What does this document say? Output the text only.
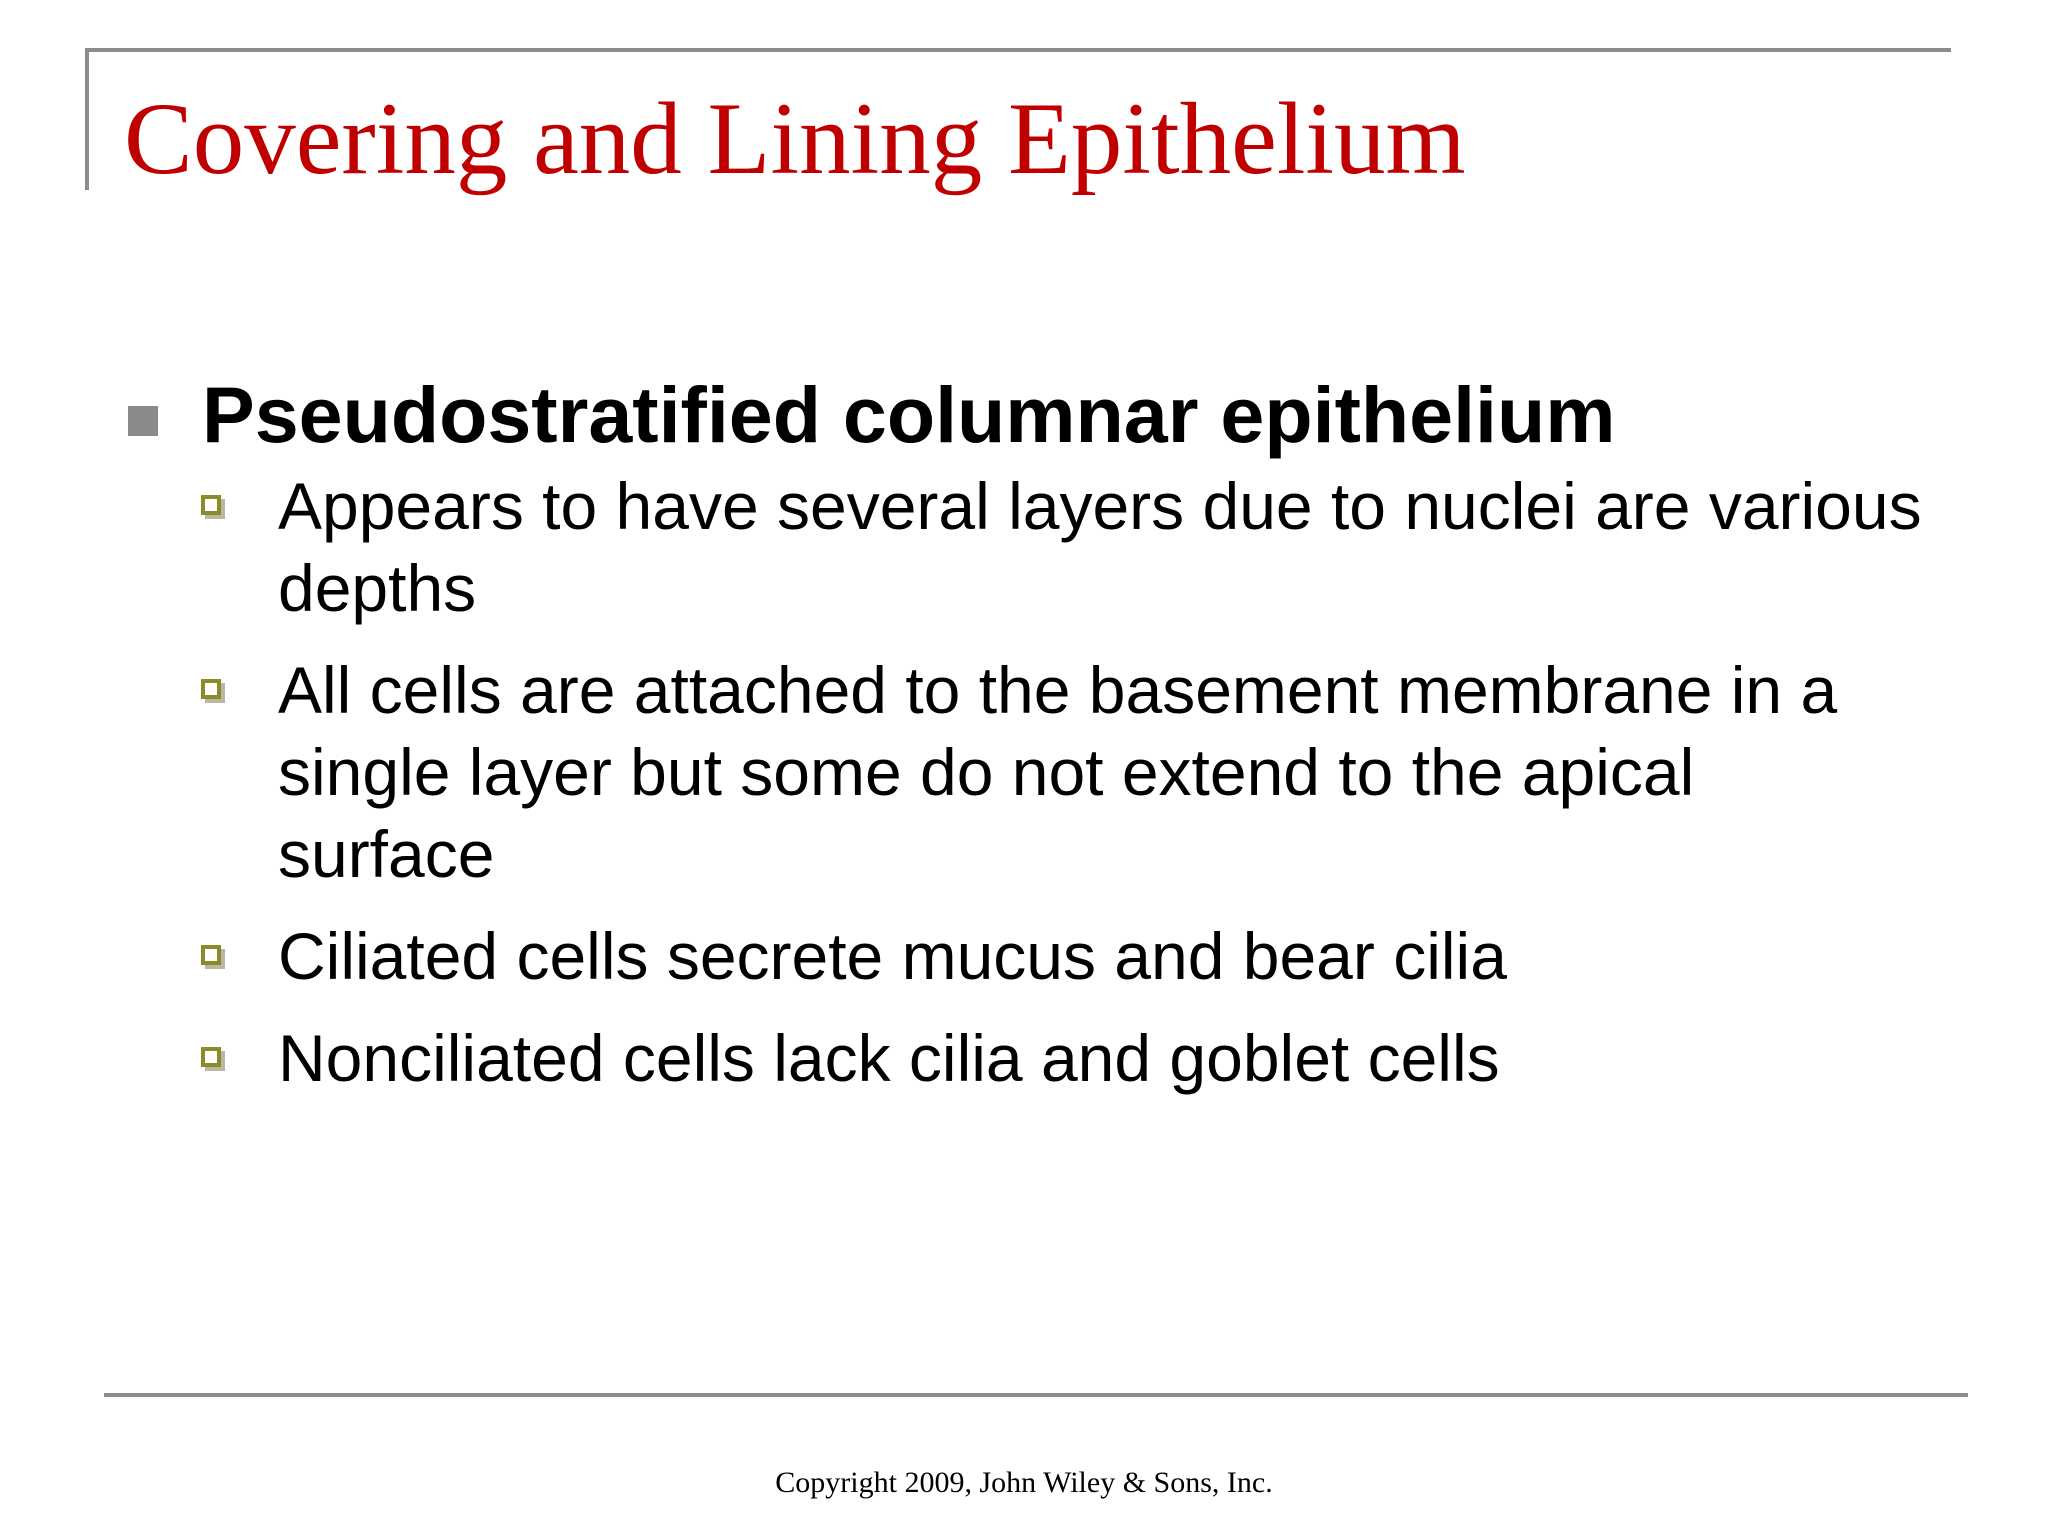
Covering and Lining Epithelium
Pseudostratified columnar epithelium
Appears to have several layers due to nuclei are various depths
All cells are attached to the basement membrane in a single layer but some do not extend to the apical surface
Ciliated cells secrete mucus and bear cilia
Nonciliated cells lack cilia and goblet cells
Copyright 2009, John Wiley & Sons, Inc.
